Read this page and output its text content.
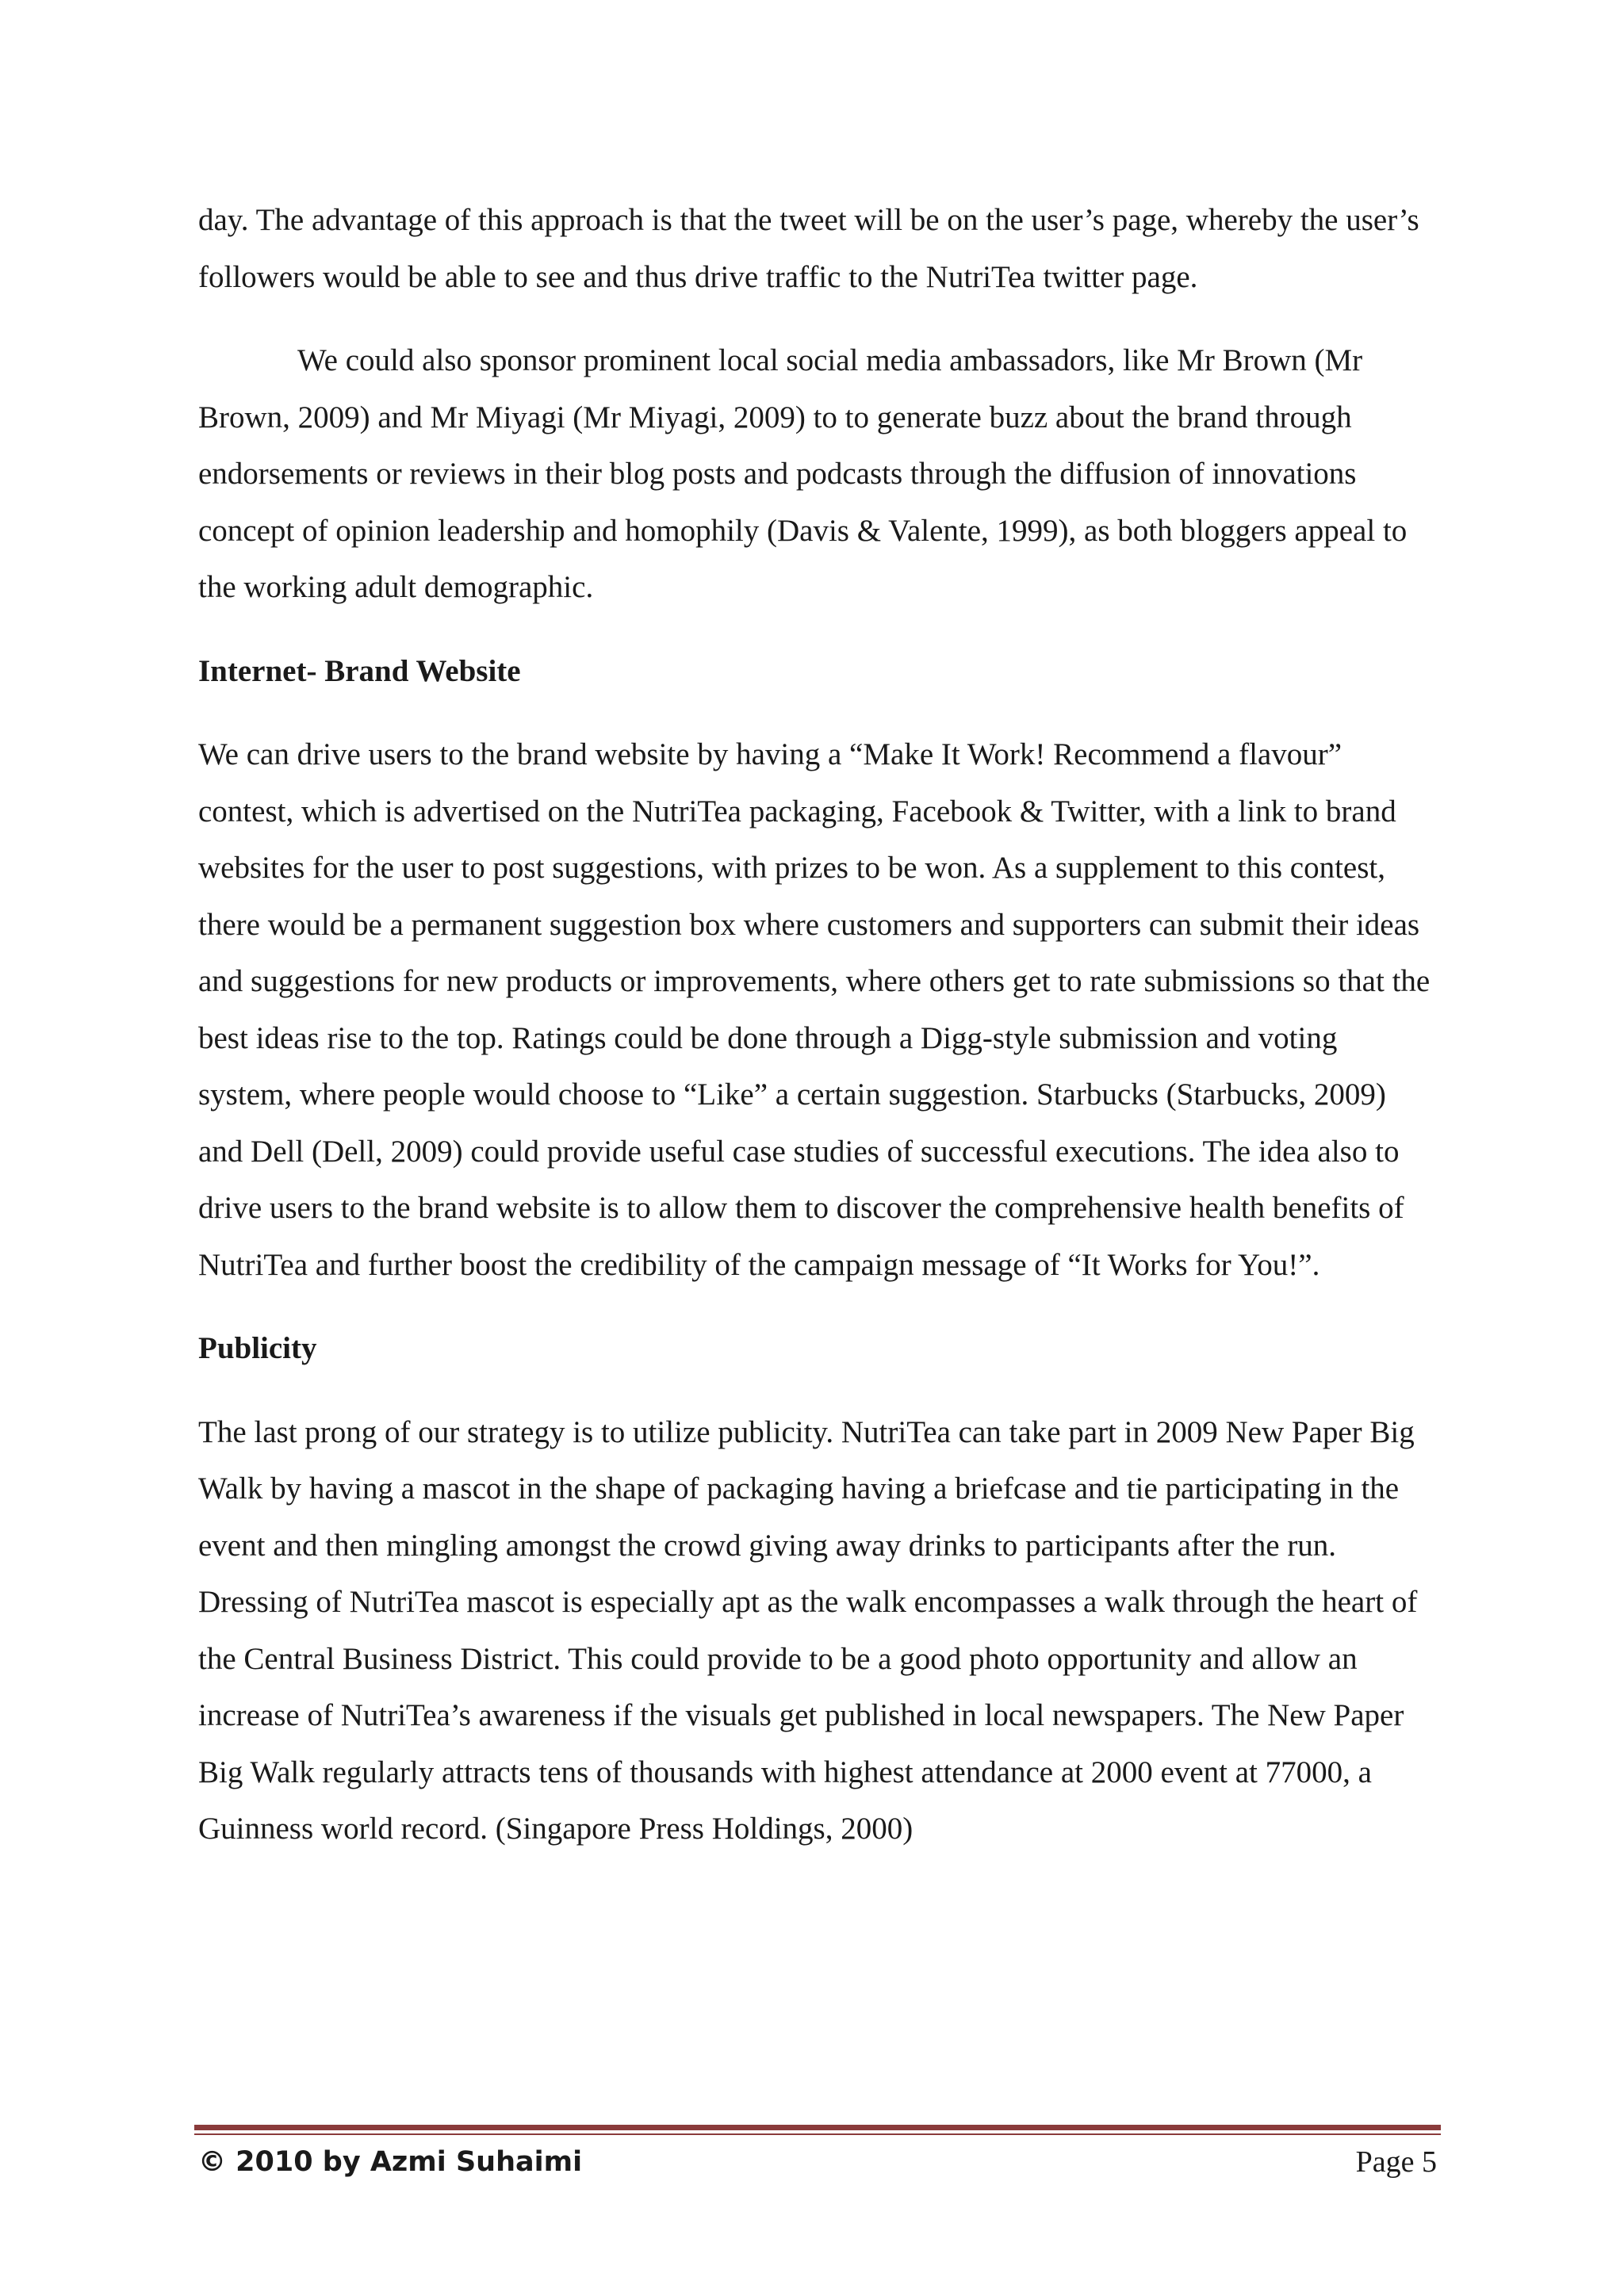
day. The advantage of this approach is that the tweet will be on the user’s page, whereby the user’s followers would be able to see and thus drive traffic to the NutriTea twitter page.

We could also sponsor prominent local social media ambassadors, like Mr Brown (Mr Brown, 2009) and Mr Miyagi (Mr Miyagi, 2009) to to generate buzz about the brand through endorsements or reviews in their blog posts and podcasts through the diffusion of innovations concept of opinion leadership and homophily (Davis & Valente, 1999), as both bloggers appeal to the working adult demographic.

Internet- Brand Website

We can drive users to the brand website by having a “Make It Work! Recommend a flavour” contest, which is advertised on the NutriTea packaging, Facebook & Twitter, with a link to brand websites for the user to post suggestions, with prizes to be won. As a supplement to this contest, there would be a permanent suggestion box where customers and supporters can submit their ideas and suggestions for new products or improvements, where others get to rate submissions so that the best ideas rise to the top. Ratings could be done through a Digg-style submission and voting system, where people would choose to “Like” a certain suggestion. Starbucks (Starbucks, 2009) and Dell (Dell, 2009) could provide useful case studies of successful executions. The idea also to drive users to the brand website is to allow them to discover the comprehensive health benefits of NutriTea and further boost the credibility of the campaign message of “It Works for You!”.

Publicity

The last prong of our strategy is to utilize publicity. NutriTea can take part in 2009 New Paper Big Walk by having a mascot in the shape of packaging having a briefcase and tie participating in the event and then mingling amongst the crowd giving away drinks to participants after the run. Dressing of NutriTea mascot is especially apt as the walk encompasses a walk through the heart of the Central Business District. This could provide to be a good photo opportunity and allow an increase of NutriTea’s awareness if the visuals get published in local newspapers. The New Paper Big Walk regularly attracts tens of thousands with highest attendance at 2000 event at 77000, a Guinness world record. (Singapore Press Holdings, 2000)

© 2010 by Azmi Suhaimi	Page 5
